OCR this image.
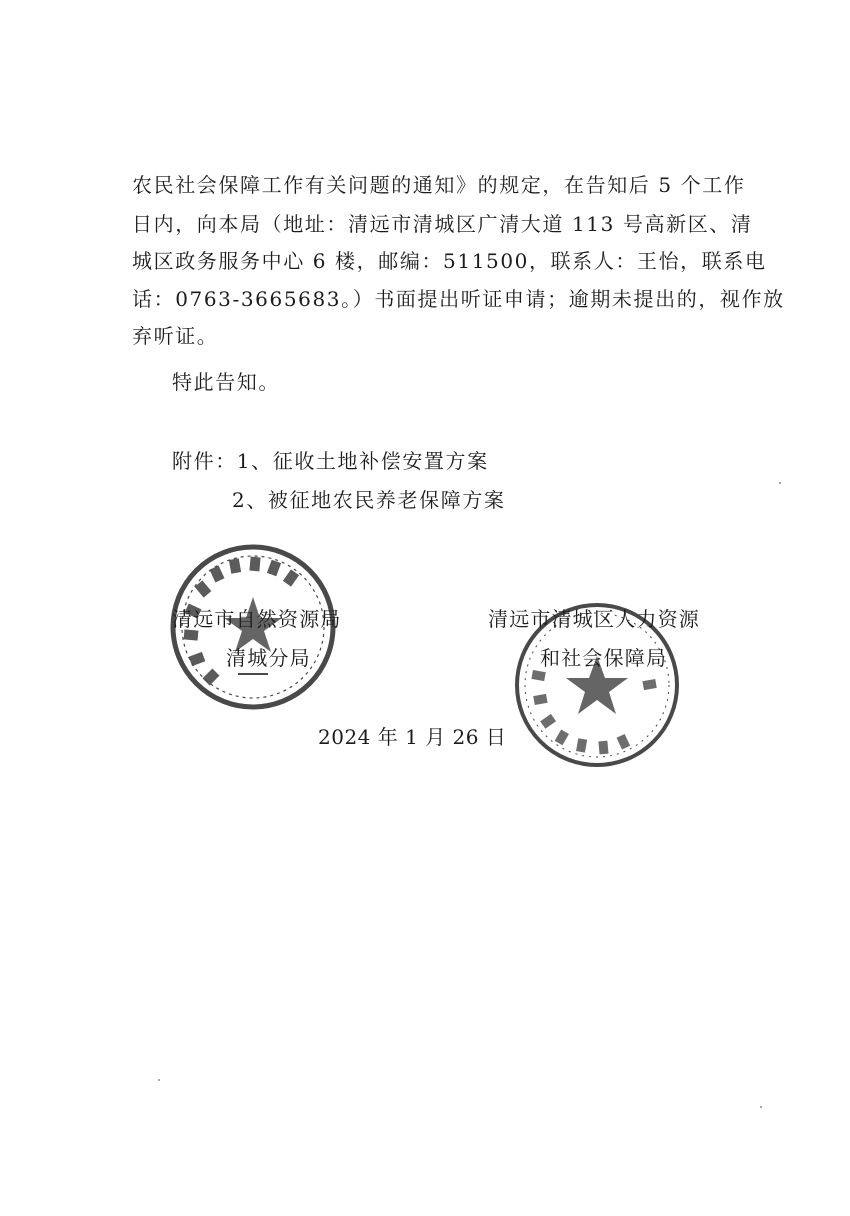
农民社会保障工作有关问题的通知》的规定，在告知后 5 个工作
日内，向本局（地址：清远市清城区广清大道 113 号高新区、清
城区政务服务中心 6 楼，邮编：511500，联系人：王怡，联系电
话：0763-3665683。）书面提出听证申请；逾期未提出的，视作放
弃听证。
特此告知。
附件：1、征收土地补偿安置方案
2、被征地农民养老保障方案
清远市自然资源局
清城分局
清远市清城区人力资源
和社会保障局
2024 年 1 月 26 日
